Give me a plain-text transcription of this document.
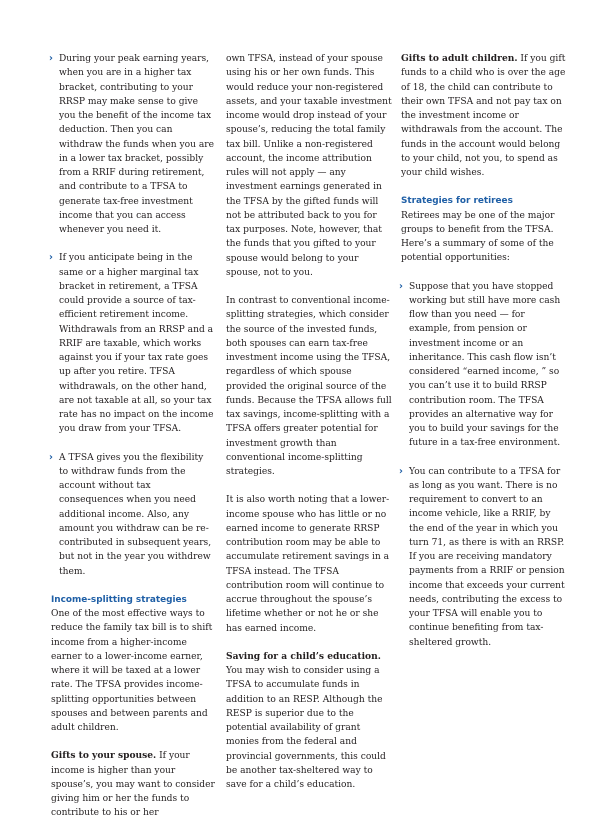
› During your peak earning years, when you are in a higher tax bracket, contributing to your RRSP may make sense to give you the benefit of the income tax deduction. Then you can withdraw the funds when you are in a lower tax bracket, possibly from a RRIF during retirement, and contribute to a TFSA to generate tax-free investment income that you can access whenever you need it.
› If you anticipate being in the same or a higher marginal tax bracket in retirement, a TFSA could provide a source of tax-efficient retirement income. Withdrawals from an RRSP and a RRIF are taxable, which works against you if your tax rate goes up after you retire. TFSA withdrawals, on the other hand, are not taxable at all, so your tax rate has no impact on the income you draw from your TFSA.
› A TFSA gives you the flexibility to withdraw funds from the account without tax consequences when you need additional income. Also, any amount you withdraw can be re-contributed in subsequent years, but not in the year you withdrew them.
Income-splitting strategies

One of the most effective ways to reduce the family tax bill is to shift income from a higher-income earner to a lower-income earner, where it will be taxed at a lower rate. The TFSA provides income-splitting opportunities between spouses and between parents and adult children.

Gifts to your spouse. If your income is higher than your spouse’s, you may want to consider giving him or her the funds to contribute to his or her

own TFSA, instead of your spouse using his or her own funds. This would reduce your non-registered assets, and your taxable investment income would drop instead of your spouse’s, reducing the total family tax bill. Unlike a non-registered account, the income attribution rules will not apply — any investment earnings generated in the TFSA by the gifted funds will not be attributed back to you for tax purposes. Note, however, that the funds that you gifted to your spouse would belong to your spouse, not to you.

In contrast to conventional income-splitting strategies, which consider the source of the invested funds, both spouses can earn tax-free investment income using the TFSA, regardless of which spouse provided the original source of the funds. Because the TFSA allows full tax savings, income-splitting with a TFSA offers greater potential for investment growth than conventional income-splitting strategies.

It is also worth noting that a lower-income spouse who has little or no earned income to generate RRSP contribution room may be able to accumulate retirement savings in a TFSA instead. The TFSA contribution room will continue to accrue throughout the spouse’s lifetime whether or not he or she has earned income.

Saving for a child’s education. You may wish to consider using a TFSA to accumulate funds in addition to an RESP. Although the RESP is superior due to the potential availability of grant monies from the federal and provincial governments, this could be another tax-sheltered way to save for a child’s education.

Gifts to adult children. If you gift funds to a child who is over the age of 18, the child can contribute to their own TFSA and not pay tax on the investment income or withdrawals from the account. The funds in the account would belong to your child, not you, to spend as your child wishes.

Strategies for retirees

Retirees may be one of the major groups to benefit from the TFSA. Here’s a summary of some of the potential opportunities:

› Suppose that you have stopped working but still have more cash flow than you need — for example, from pension or investment income or an inheritance. This cash flow isn’t considered “earned income, ” so you can’t use it to build RRSP contribution room. The TFSA provides an alternative way for you to build your savings for the future in a tax-free environment.
› You can contribute to a TFSA for as long as you want. There is no requirement to convert to an income vehicle, like a RRIF, by the end of the year in which you turn 71, as there is with an RRSP. If you are receiving mandatory payments from a RRIF or pension income that exceeds your current needs, contributing the excess to your TFSA will enable you to continue benefiting from tax-sheltered growth.
